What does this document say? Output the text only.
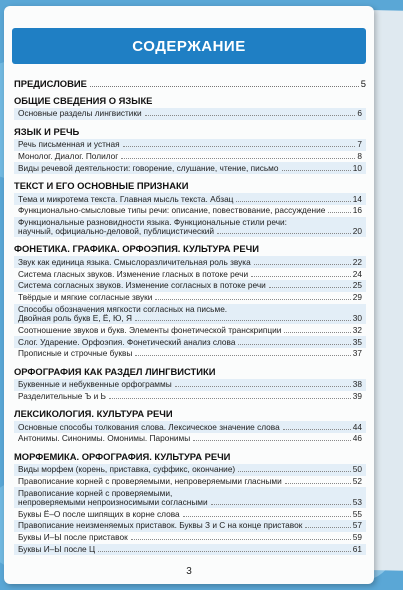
СОДЕРЖАНИЕ
ПРЕДИСЛОВИЕ	5
ОБЩИЕ СВЕДЕНИЯ О ЯЗЫКЕ
Основные разделы лингвистики	6
ЯЗЫК И РЕЧЬ
Речь письменная и устная	7
Монолог. Диалог. Полилог	8
Виды речевой деятельности: говорение, слушание, чтение, письмо	10
ТЕКСТ И ЕГО ОСНОВНЫЕ ПРИЗНАКИ
Тема и микротема текста. Главная мысль текста. Абзац	14
Функционально-смысловые типы речи: описание, повествование, рассуждение	16
Функциональные разновидности языка. Функциональные стили речи:
научный, официально-деловой, публицистический	20
ФОНЕТИКА. ГРАФИКА. ОРФОЭПИЯ. КУЛЬТУРА РЕЧИ
Звук как единица языка. Смыслоразличительная роль звука	22
Система гласных звуков. Изменение гласных в потоке речи	24
Система согласных звуков. Изменение согласных в потоке речи	25
Твёрдые и мягкие согласные звуки	29
Способы обозначения мягкости согласных на письме.
Двойная роль букв Е, Ё, Ю, Я	30
Соотношение звуков и букв. Элементы фонетической транскрипции	32
Слог. Ударение. Орфоэпия. Фонетический анализ слова	35
Прописные и строчные буквы	37
ОРФОГРАФИЯ КАК РАЗДЕЛ ЛИНГВИСТИКИ
Буквенные и небуквенные орфограммы	38
Разделительные Ъ и Ь	39
ЛЕКСИКОЛОГИЯ. КУЛЬТУРА РЕЧИ
Основные способы толкования слова. Лексическое значение слова	44
Антонимы. Синонимы. Омонимы. Паронимы	46
МОРФЕМИКА. ОРФОГРАФИЯ. КУЛЬТУРА РЕЧИ
Виды морфем (корень, приставка, суффикс, окончание)	50
Правописание корней с проверяемыми, непроверяемыми гласными	52
Правописание корней с проверяемыми,
непроверяемыми непроизносимыми согласными	53
Буквы Ё–О после шипящих в корне слова	55
Правописание неизменяемых приставок. Буквы З и С на конце приставок	57
Буквы И–Ы после приставок	59
Буквы И–Ы после Ц	61
3
